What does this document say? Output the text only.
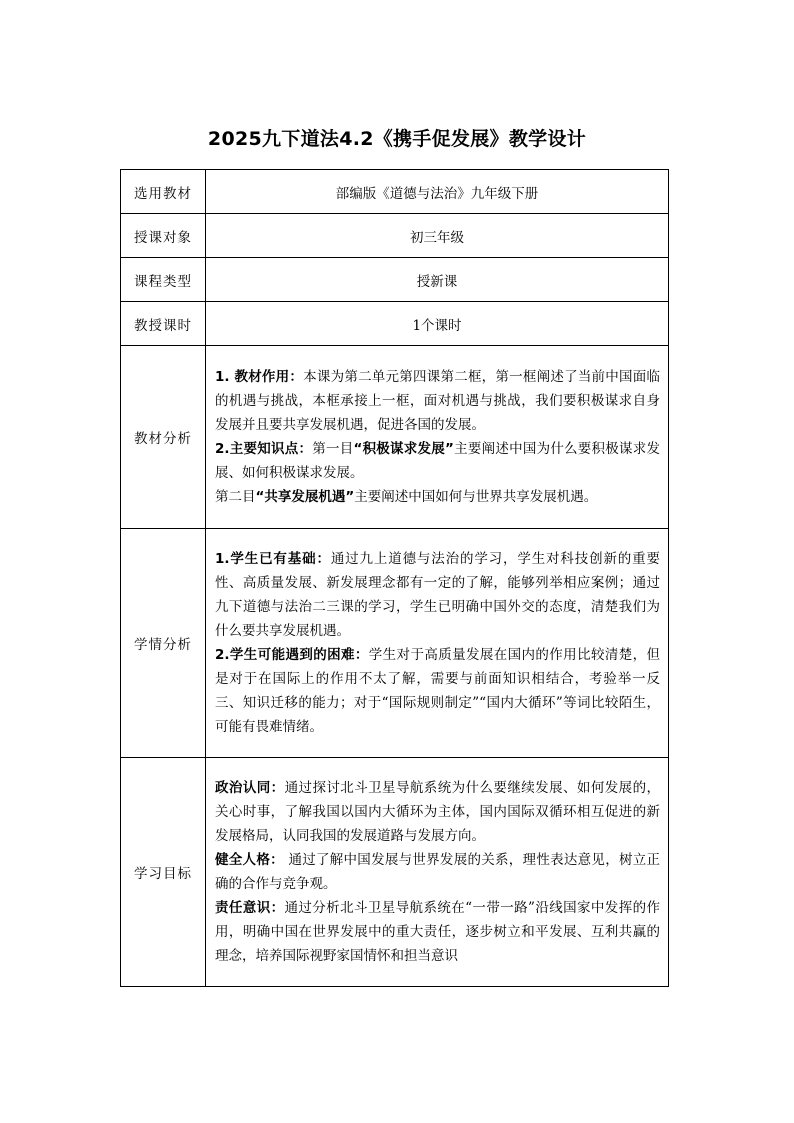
2025九下道法4.2《携手促发展》教学设计
选用教材	部编版《道德与法治》九年级下册
授课对象	初三年级
课程类型	授新课
教授课时	1个课时
教材分析	1. 教材作用：本课为第二单元第四课第二框，第一框阐述了当前中国面临的机遇与挑战，本框承接上一框，面对机遇与挑战，我们要积极谋求自身发展并且要共享发展机遇，促进各国的发展。

2.主要知识点：第一目“积极谋求发展”主要阐述中国为什么要积极谋求发展、如何积极谋求发展。

第二目“共享发展机遇”主要阐述中国如何与世界共享发展机遇。

学情分析	1.学生已有基础：通过九上道德与法治的学习，学生对科技创新的重要性、高质量发展、新发展理念都有一定的了解，能够列举相应案例；通过九下道德与法治二三课的学习，学生已明确中国外交的态度，清楚我们为什么要共享发展机遇。

2.学生可能遇到的困难：学生对于高质量发展在国内的作用比较清楚，但是对于在国际上的作用不太了解，需要与前面知识相结合，考验举一反三、知识迁移的能力；对于“国际规则制定”“国内大循环”等词比较陌生，可能有畏难情绪。

学习目标	政治认同：通过探讨北斗卫星导航系统为什么要继续发展、如何发展的，关心时事，了解我国以国内大循环为主体，国内国际双循环相互促进的新发展格局，认同我国的发展道路与发展方向。

健全人格： 通过了解中国发展与世界发展的关系，理性表达意见，树立正确的合作与竞争观。

责任意识：通过分析北斗卫星导航系统在“一带一路”沿线国家中发挥的作用，明确中国在世界发展中的重大责任，逐步树立和平发展、互利共赢的理念，培养国际视野家国情怀和担当意识
